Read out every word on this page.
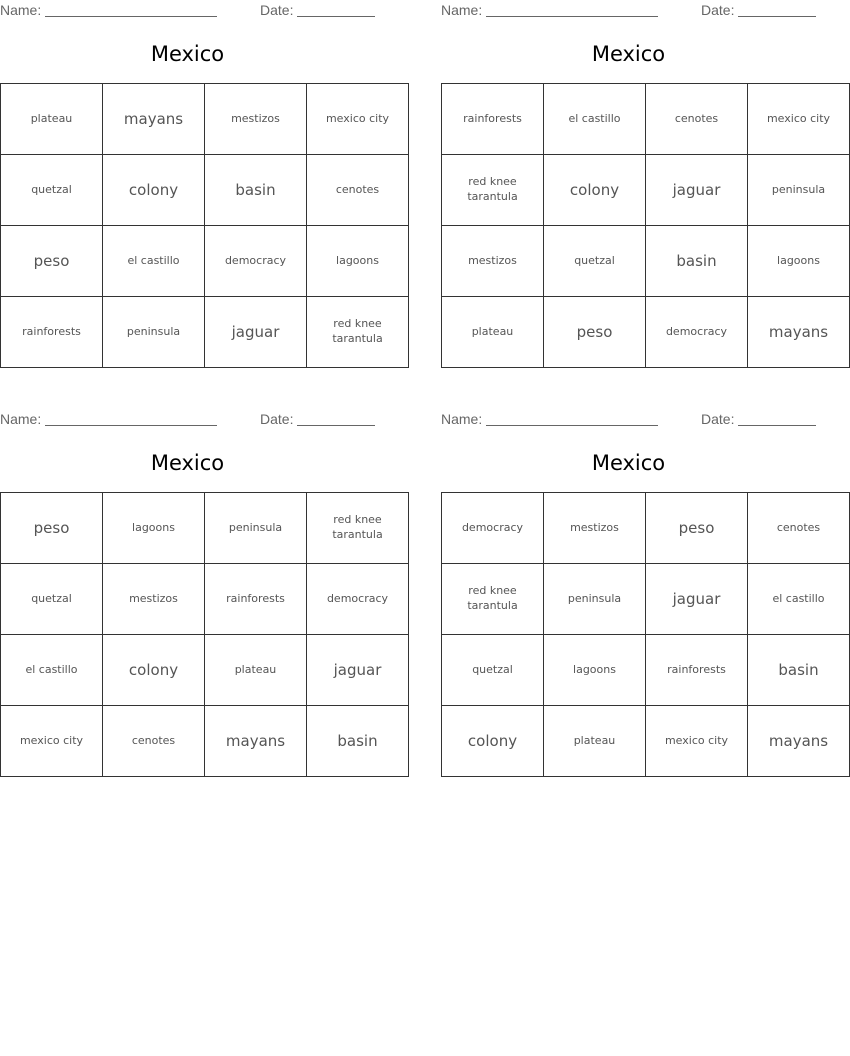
Name:	Date:
Mexico
plateau	mayans	mestizos	mexico city
quetzal	colony	basin	cenotes
peso	el castillo	democracy	lagoons
rainforests	peninsula	jaguar	red knee tarantula
Name:	Date:
Mexico
rainforests	el castillo	cenotes	mexico city
red knee tarantula	colony	jaguar	peninsula
mestizos	quetzal	basin	lagoons
plateau	peso	democracy	mayans
Name:	Date:
Mexico
peso	lagoons	peninsula	red knee tarantula
quetzal	mestizos	rainforests	democracy
el castillo	colony	plateau	jaguar
mexico city	cenotes	mayans	basin
Name:	Date:
Mexico
democracy	mestizos	peso	cenotes
red knee tarantula	peninsula	jaguar	el castillo
quetzal	lagoons	rainforests	basin
colony	plateau	mexico city	mayans
